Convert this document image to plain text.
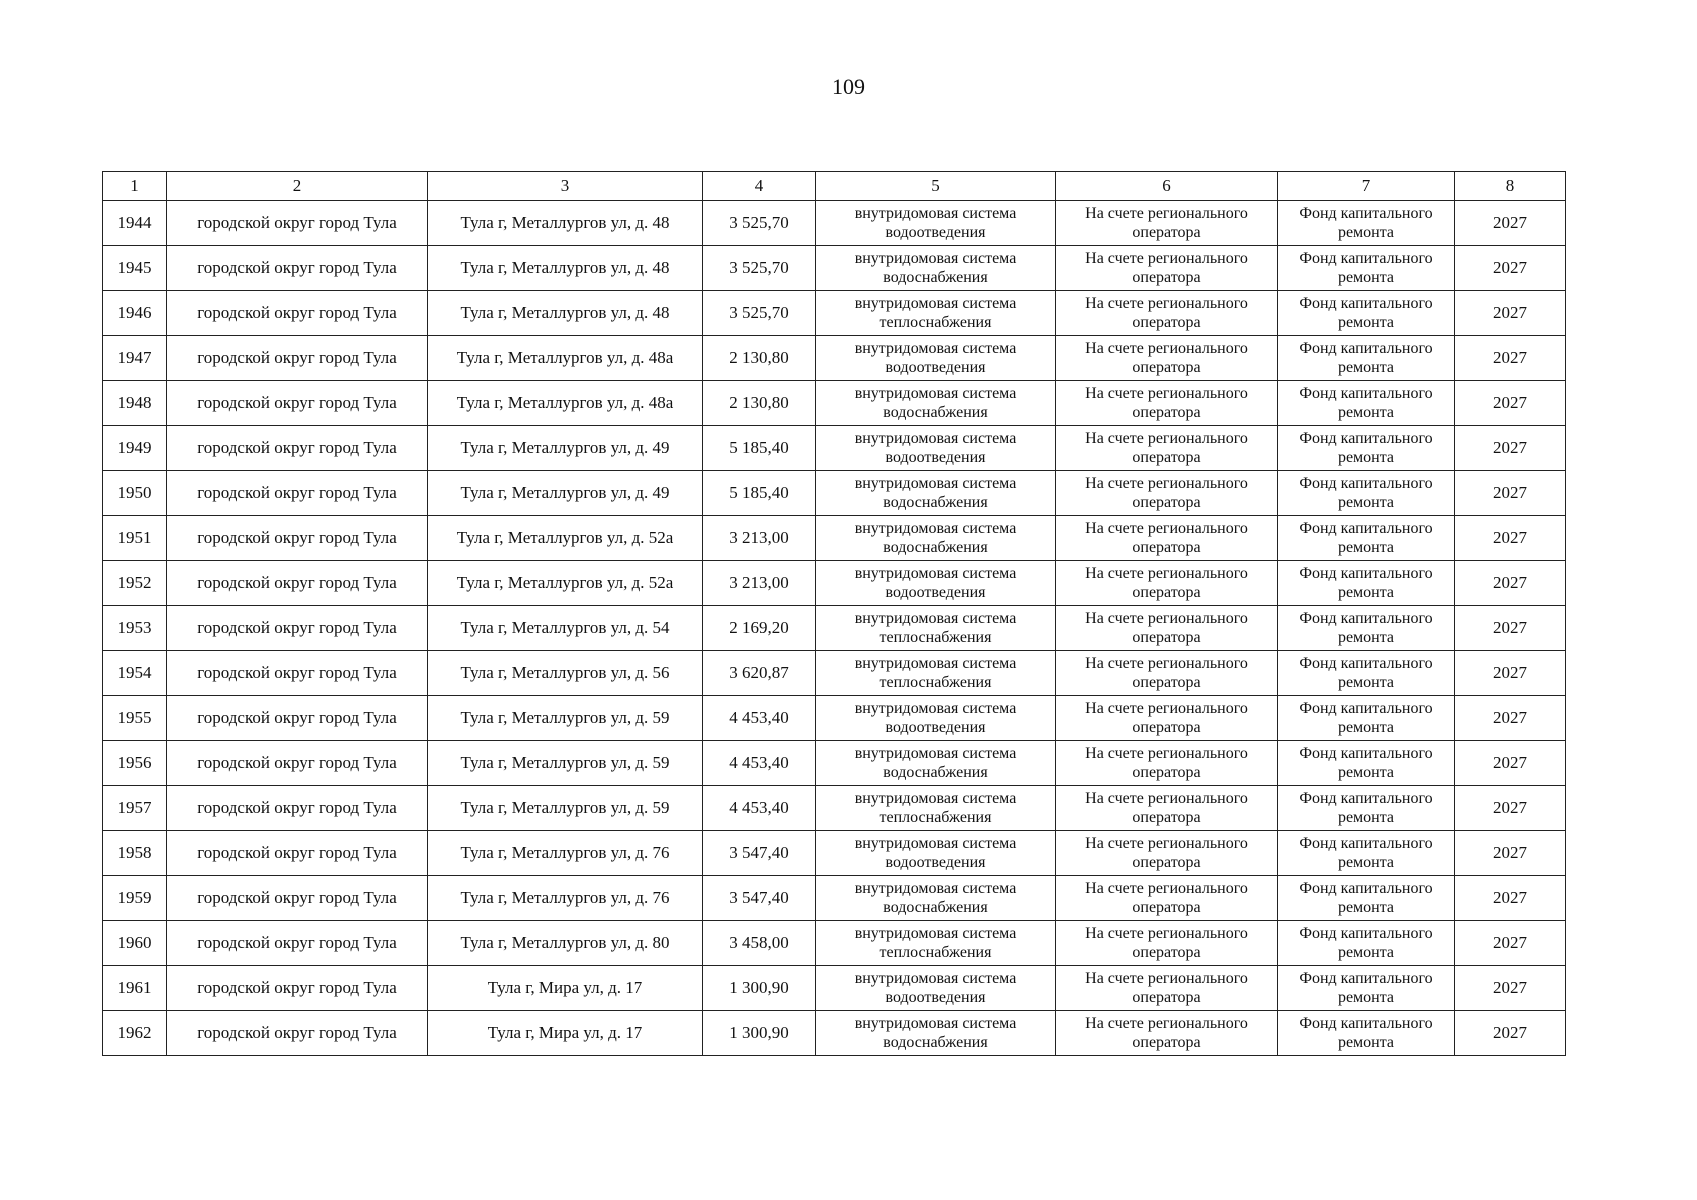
109
1	2	3	4	5	6	7	8
1944	городской округ город Тула	Тула г, Металлургов ул, д. 48	3 525,70	внутридомовая система водоотведения	На счете регионального оператора	Фонд капитального ремонта	2027
1945	городской округ город Тула	Тула г, Металлургов ул, д. 48	3 525,70	внутридомовая система водоснабжения	На счете регионального оператора	Фонд капитального ремонта	2027
1946	городской округ город Тула	Тула г, Металлургов ул, д. 48	3 525,70	внутридомовая система теплоснабжения	На счете регионального оператора	Фонд капитального ремонта	2027
1947	городской округ город Тула	Тула г, Металлургов ул, д. 48а	2 130,80	внутридомовая система водоотведения	На счете регионального оператора	Фонд капитального ремонта	2027
1948	городской округ город Тула	Тула г, Металлургов ул, д. 48а	2 130,80	внутридомовая система водоснабжения	На счете регионального оператора	Фонд капитального ремонта	2027
1949	городской округ город Тула	Тула г, Металлургов ул, д. 49	5 185,40	внутридомовая система водоотведения	На счете регионального оператора	Фонд капитального ремонта	2027
1950	городской округ город Тула	Тула г, Металлургов ул, д. 49	5 185,40	внутридомовая система водоснабжения	На счете регионального оператора	Фонд капитального ремонта	2027
1951	городской округ город Тула	Тула г, Металлургов ул, д. 52а	3 213,00	внутридомовая система водоснабжения	На счете регионального оператора	Фонд капитального ремонта	2027
1952	городской округ город Тула	Тула г, Металлургов ул, д. 52а	3 213,00	внутридомовая система водоотведения	На счете регионального оператора	Фонд капитального ремонта	2027
1953	городской округ город Тула	Тула г, Металлургов ул, д. 54	2 169,20	внутридомовая система теплоснабжения	На счете регионального оператора	Фонд капитального ремонта	2027
1954	городской округ город Тула	Тула г, Металлургов ул, д. 56	3 620,87	внутридомовая система теплоснабжения	На счете регионального оператора	Фонд капитального ремонта	2027
1955	городской округ город Тула	Тула г, Металлургов ул, д. 59	4 453,40	внутридомовая система водоотведения	На счете регионального оператора	Фонд капитального ремонта	2027
1956	городской округ город Тула	Тула г, Металлургов ул, д. 59	4 453,40	внутридомовая система водоснабжения	На счете регионального оператора	Фонд капитального ремонта	2027
1957	городской округ город Тула	Тула г, Металлургов ул, д. 59	4 453,40	внутридомовая система теплоснабжения	На счете регионального оператора	Фонд капитального ремонта	2027
1958	городской округ город Тула	Тула г, Металлургов ул, д. 76	3 547,40	внутридомовая система водоотведения	На счете регионального оператора	Фонд капитального ремонта	2027
1959	городской округ город Тула	Тула г, Металлургов ул, д. 76	3 547,40	внутридомовая система водоснабжения	На счете регионального оператора	Фонд капитального ремонта	2027
1960	городской округ город Тула	Тула г, Металлургов ул, д. 80	3 458,00	внутридомовая система теплоснабжения	На счете регионального оператора	Фонд капитального ремонта	2027
1961	городской округ город Тула	Тула г, Мира ул, д. 17	1 300,90	внутридомовая система водоотведения	На счете регионального оператора	Фонд капитального ремонта	2027
1962	городской округ город Тула	Тула г, Мира ул, д. 17	1 300,90	внутридомовая система водоснабжения	На счете регионального оператора	Фонд капитального ремонта	2027
